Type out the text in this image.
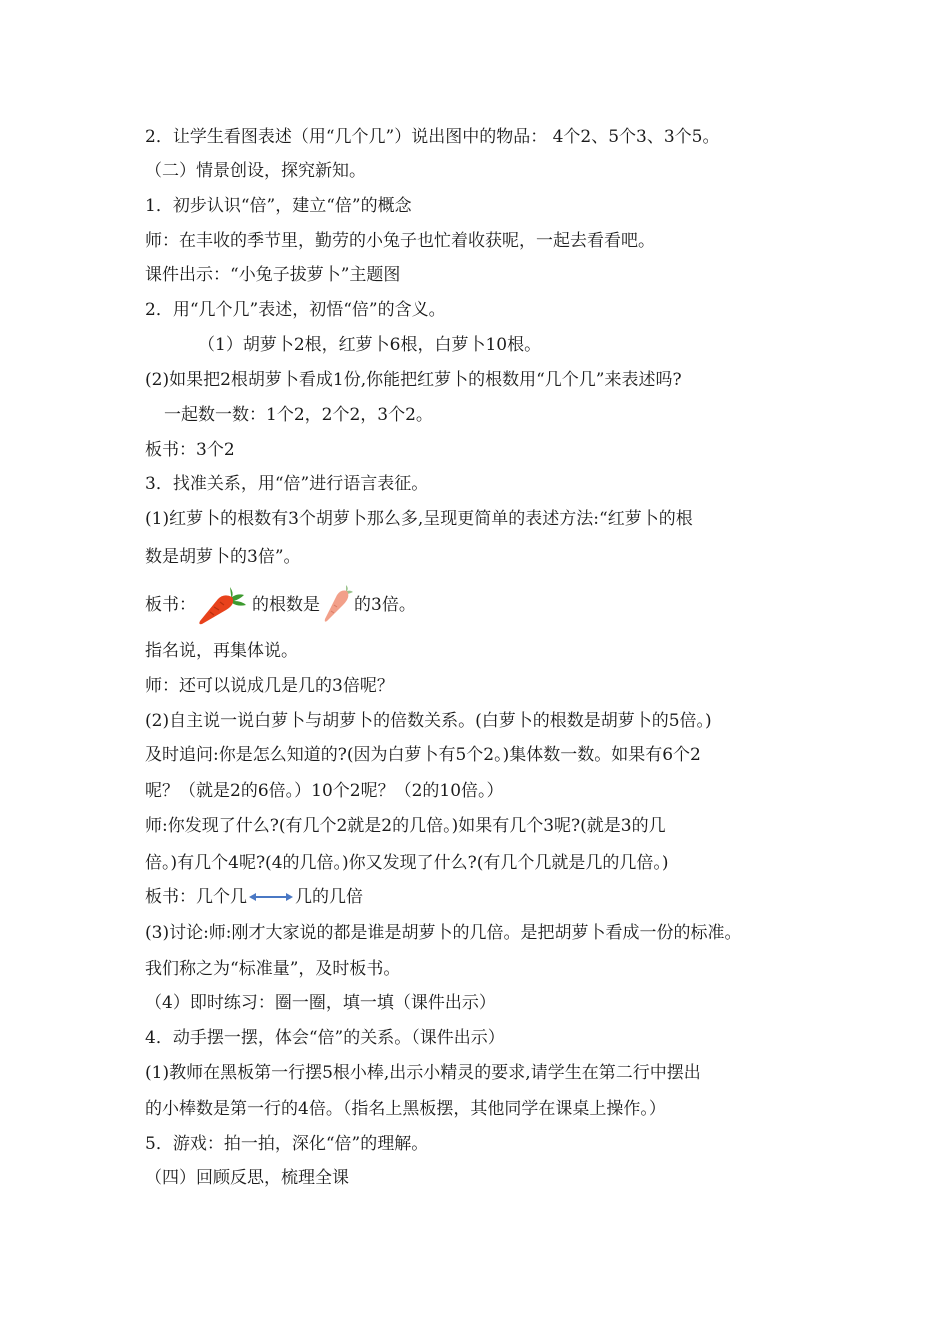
2．让学生看图表述（用“几个几”）说出图中的物品： 4个2、5个3、3个5。
（二）情景创设，探究新知。
1．初步认识“倍”，建立“倍”的概念
师：在丰收的季节里，勤劳的小兔子也忙着收获呢，一起去看看吧。
课件出示：“小兔子拔萝卜”主题图
2．用“几个几”表述，初悟“倍”的含义。
（1）胡萝卜2根，红萝卜6根，白萝卜10根。
(2)如果把2根胡萝卜看成1份,你能把红萝卜的根数用“几个几”来表述吗?
一起数一数：1个2，2个2，3个2。
板书：3个2
3．找准关系，用“倍”进行语言表征。
(1)红萝卜的根数有3个胡萝卜那么多,呈现更简单的表述方法:“红萝卜的根
数是胡萝卜的3倍”。
板书：	的根数是 的3倍。
指名说，再集体说。
师：还可以说成几是几的3倍呢？
(2)自主说一说白萝卜与胡萝卜的倍数关系。(白萝卜的根数是胡萝卜的5倍。)
及时追问:你是怎么知道的?(因为白萝卜有5个2。)集体数一数。如果有6个2
呢？（就是2的6倍。）10个2呢？（2的10倍。）
师:你发现了什么?(有几个2就是2的几倍。)如果有几个3呢?(就是3的几
倍。)有几个4呢?(4的几倍。)你又发现了什么?(有几个几就是几的几倍。)
板书：几个几	几的几倍
(3)讨论:师:刚才大家说的都是谁是胡萝卜的几倍。是把胡萝卜看成一份的标准。
我们称之为“标准量”，及时板书。
（4）即时练习：圈一圈，填一填（课件出示）
4．动手摆一摆，体会“倍”的关系。（课件出示）
(1)教师在黑板第一行摆5根小棒,出示小精灵的要求,请学生在第二行中摆出
的小棒数是第一行的4倍。（指名上黑板摆，其他同学在课桌上操作。）
5．游戏：拍一拍，深化“倍”的理解。
（四）回顾反思，梳理全课
